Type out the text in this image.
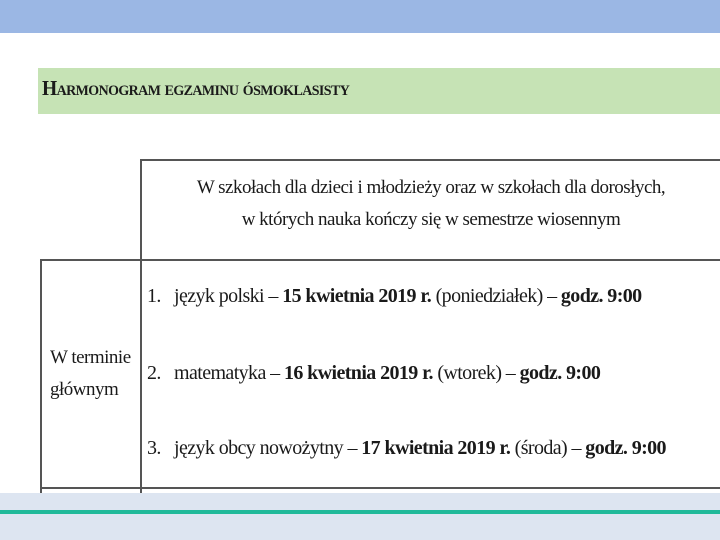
Harmonogram egzaminu ósmoklasisty
W szkołach dla dzieci i młodzieży oraz w szkołach dla dorosłych,
w których nauka kończy się w semestrze wiosennym
W terminie
głównym
1. język polski – 15 kwietnia 2019 r. (poniedziałek) – godz. 9:00
2. matematyka – 16 kwietnia 2019 r. (wtorek) – godz. 9:00
3. język obcy nowożytny – 17 kwietnia 2019 r. (środa) – godz. 9:00
